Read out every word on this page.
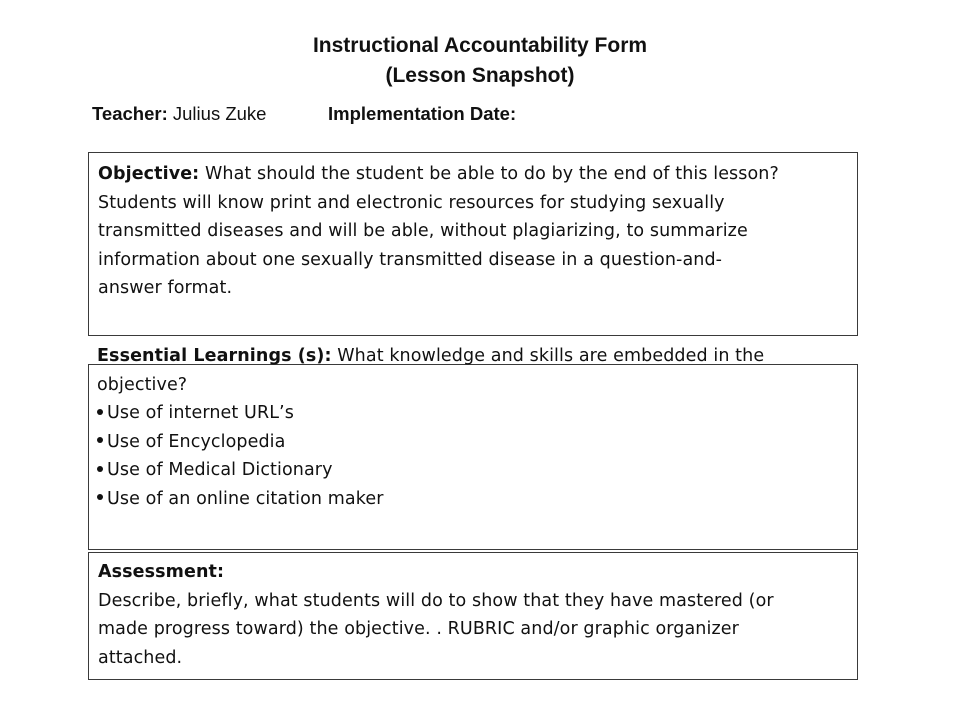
Instructional Accountability Form
(Lesson Snapshot)
Teacher: Julius Zuke	Implementation Date:
Objective: What should the student be able to do by the end of this lesson?
Students will know print and electronic resources for studying sexually
transmitted diseases and will be able, without plagiarizing, to summarize
information about one sexually transmitted disease in a question-and-
answer format.
Essential Learnings (s): What knowledge and skills are embedded in the
objective?
Use of internet URL’s
Use of Encyclopedia
Use of Medical Dictionary
Use of an online citation maker
Assessment:
Describe, briefly, what students will do to show that they have mastered (or
made progress toward) the objective. . RUBRIC and/or graphic organizer
attached.
